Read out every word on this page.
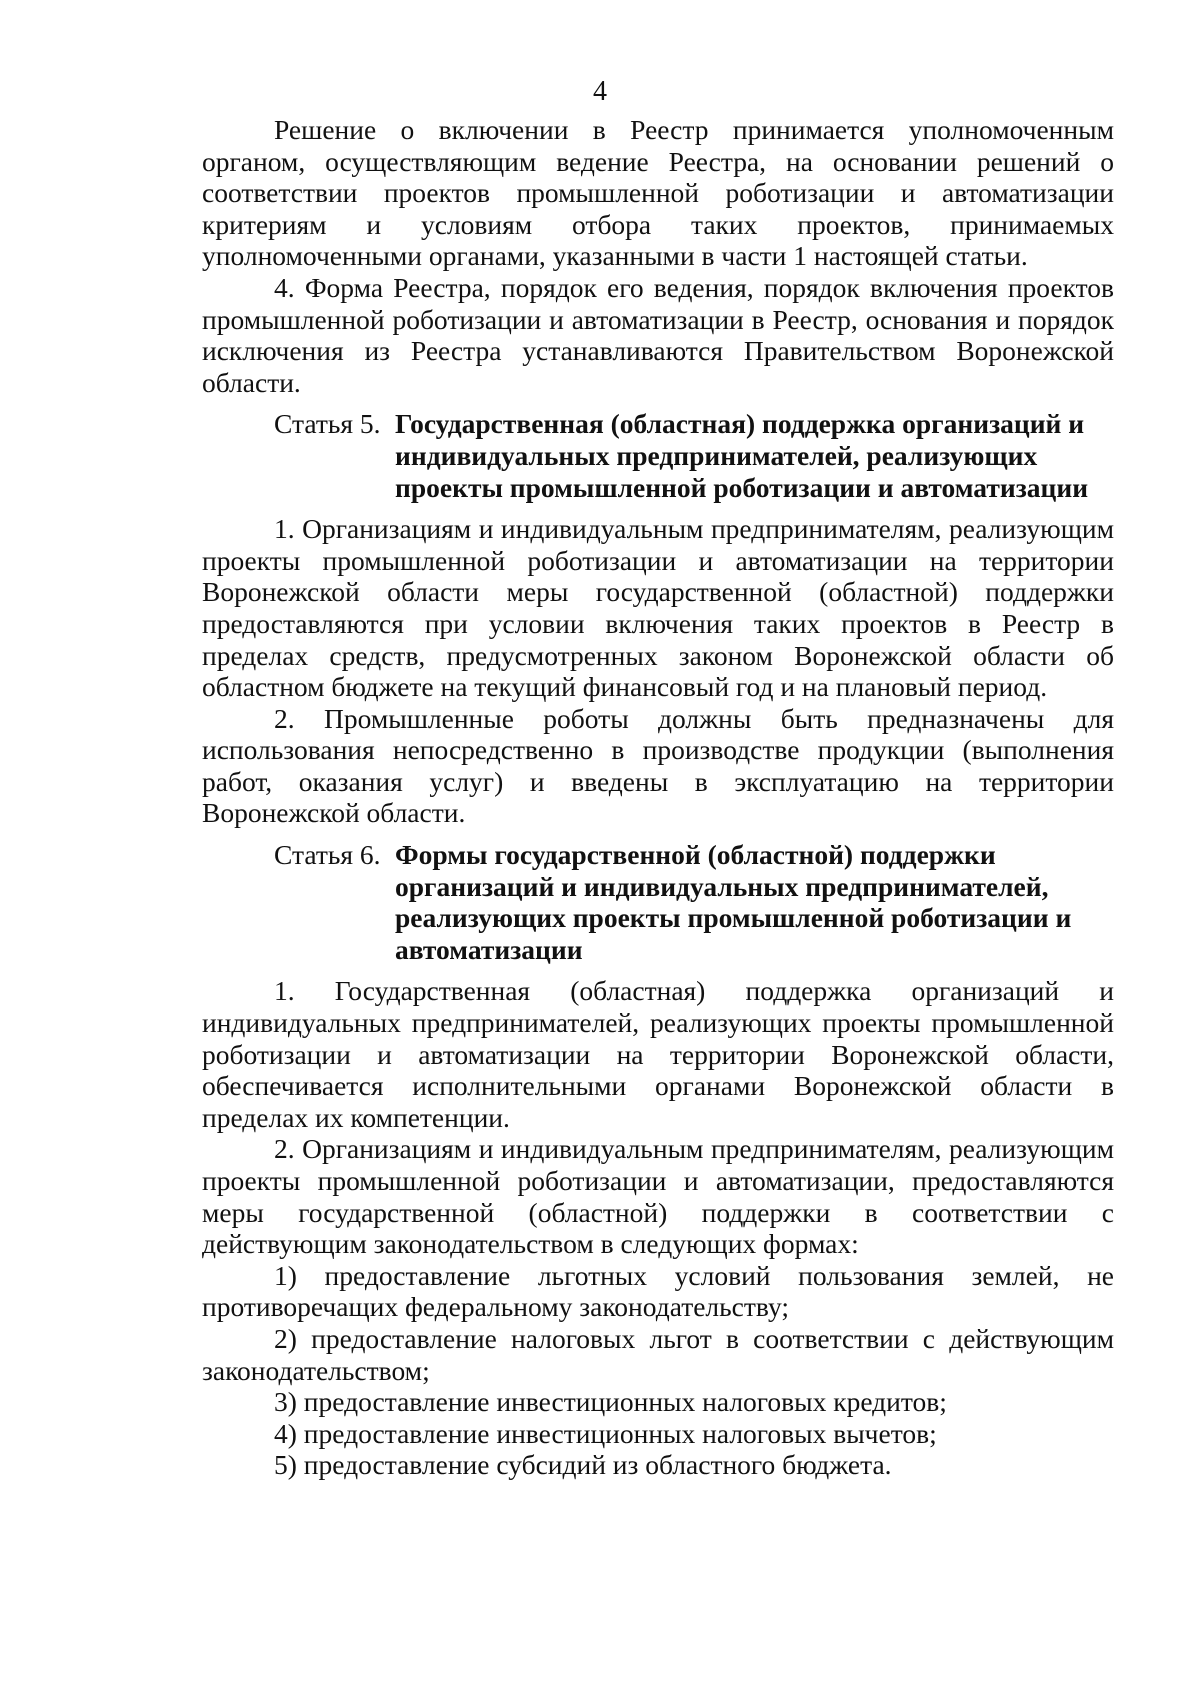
4

Решение о включении в Реестр принимается уполномоченным органом, осуществляющим ведение Реестра, на основании решений о соответствии проектов промышленной роботизации и автоматизации критериям и условиям отбора таких проектов, принимаемых уполномоченными органами, указанными в части 1 настоящей статьи.

4. Форма Реестра, порядок его ведения, порядок включения проектов промышленной роботизации и автоматизации в Реестр, основания и порядок исключения из Реестра устанавливаются Правительством Воронежской области.

Статья 5. Государственная (областная) поддержка организаций и индивидуальных предпринимателей, реализующих проекты промышленной роботизации и автоматизации

1. Организациям и индивидуальным предпринимателям, реализующим проекты промышленной роботизации и автоматизации на территории Воронежской области меры государственной (областной) поддержки предоставляются при условии включения таких проектов в Реестр в пределах средств, предусмотренных законом Воронежской области об областном бюджете на текущий финансовый год и на плановый период.

2. Промышленные роботы должны быть предназначены для использования непосредственно в производстве продукции (выполнения работ, оказания услуг) и введены в эксплуатацию на территории Воронежской области.

Статья 6. Формы государственной (областной) поддержки организаций и индивидуальных предпринимателей, реализующих проекты промышленной роботизации и автоматизации

1. Государственная (областная) поддержка организаций и индивидуальных предпринимателей, реализующих проекты промышленной роботизации и автоматизации на территории Воронежской области, обеспечивается исполнительными органами Воронежской области в пределах их компетенции.

2. Организациям и индивидуальным предпринимателям, реализующим проекты промышленной роботизации и автоматизации, предоставляются меры государственной (областной) поддержки в соответствии с действующим законодательством в следующих формах:

1) предоставление льготных условий пользования землей, не противоречащих федеральному законодательству;

2) предоставление налоговых льгот в соответствии с действующим законодательством;

3) предоставление инвестиционных налоговых кредитов;

4) предоставление инвестиционных налоговых вычетов;

5) предоставление субсидий из областного бюджета.
